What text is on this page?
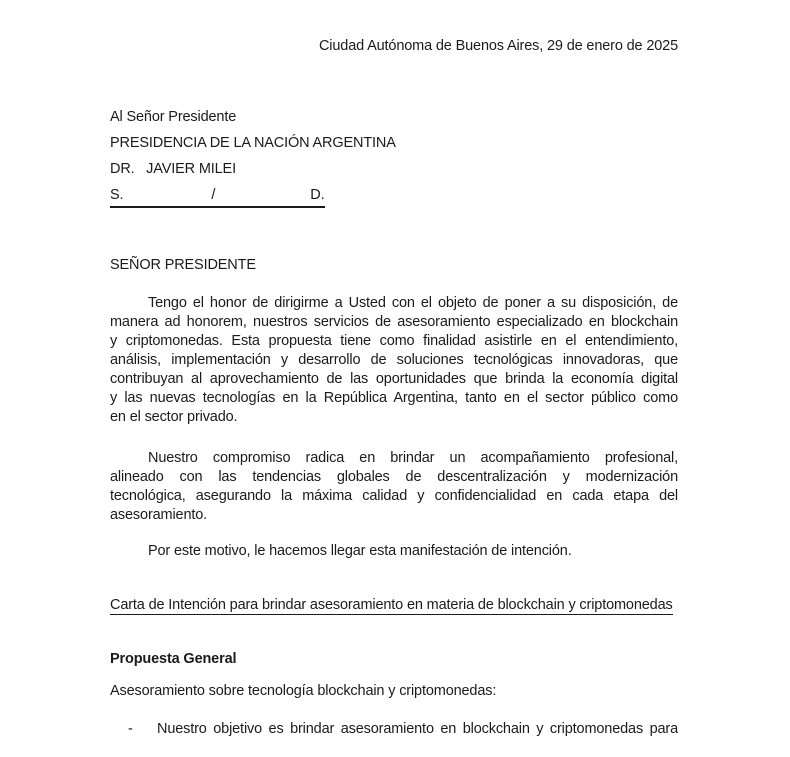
Ciudad Autónoma de Buenos Aires, 29 de enero de 2025
Al Señor Presidente
PRESIDENCIA DE LA NACIÓN ARGENTINA
DR.   JAVIER MILEI
S.	/	D.
SEÑOR PRESIDENTE
Tengo el honor de dirigirme a Usted con el objeto de poner a su disposición, de
manera ad honorem, nuestros servicios de asesoramiento especializado en blockchain
y criptomonedas. Esta propuesta tiene como finalidad asistirle en el entendimiento,
análisis, implementación y desarrollo de soluciones tecnológicas innovadoras, que
contribuyan al aprovechamiento de las oportunidades que brinda la economía digital
y las nuevas tecnologías en la República Argentina, tanto en el sector público como
en el sector privado.
Nuestro compromiso radica en brindar un acompañamiento profesional,
alineado con las tendencias globales de descentralización y modernización
tecnológica, asegurando la máxima calidad y confidencialidad en cada etapa del
asesoramiento.
Por este motivo, le hacemos llegar esta manifestación de intención.
Carta de Intención para brindar asesoramiento en materia de blockchain y criptomonedas
Propuesta General
Asesoramiento sobre tecnología blockchain y criptomonedas:
- Nuestro objetivo es brindar asesoramiento en blockchain y criptomonedas para
